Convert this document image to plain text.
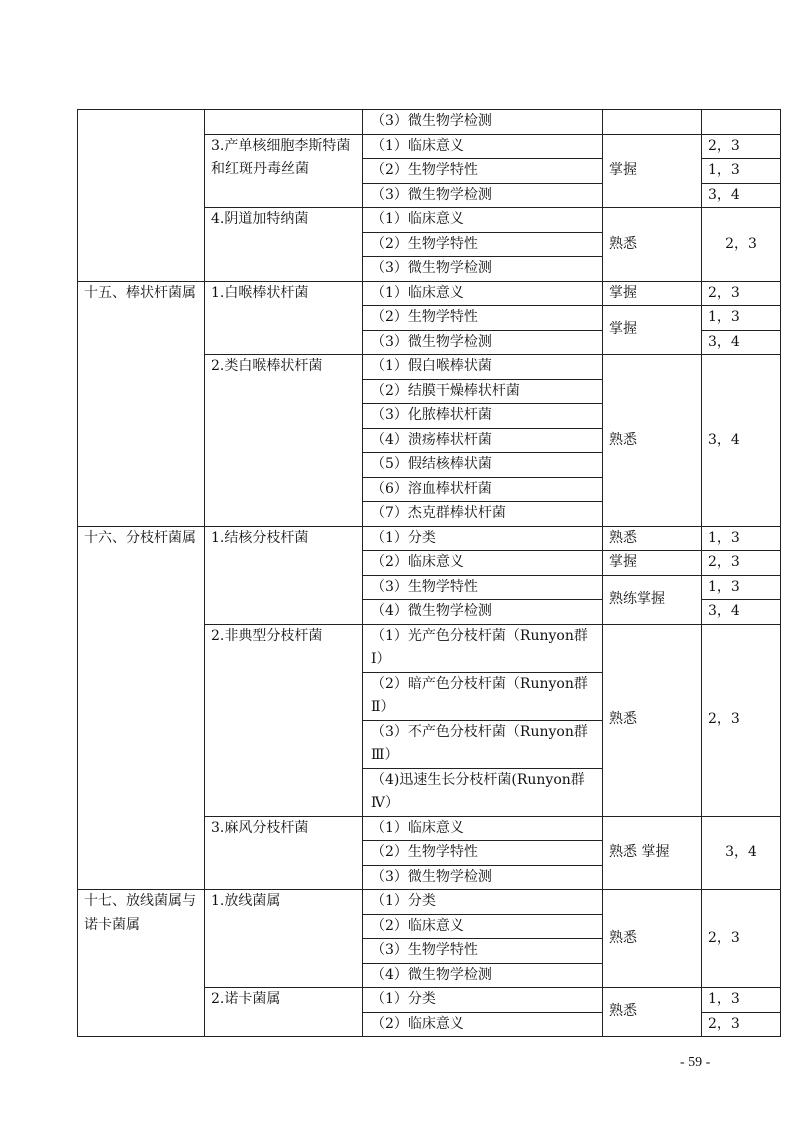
		（3）微生物学检测		
	3.产单核细胞李斯特菌和红斑丹毒丝菌	（1）临床意义	掌握	2，3
		（2）生物学特性		1，3
		（3）微生物学检测		3，4
	4.阴道加特纳菌	（1）临床意义	熟悉	2，3
		（2）生物学特性		
		（3）微生物学检测		
十五、棒状杆菌属	1.白喉棒状杆菌	（1）临床意义	掌握	2，3
		（2）生物学特性	掌握	1，3
		（3）微生物学检测		3，4
	2.类白喉棒状杆菌	（1）假白喉棒状菌	熟悉	3，4
		（2）结膜干燥棒状杆菌		
		（3）化脓棒状杆菌		
		（4）溃疡棒状杆菌		
		（5）假结核棒状菌		
		（6）溶血棒状杆菌		
		（7）杰克群棒状杆菌		
十六、分枝杆菌属	1.结核分枝杆菌	（1）分类	熟悉	1，3
		（2）临床意义	掌握	2，3
		（3）生物学特性	熟练掌握	1，3
		（4）微生物学检测		3，4
	2.非典型分枝杆菌	（1）光产色分枝杆菌（Runyon群Ⅰ）	熟悉	2，3
		（2）暗产色分枝杆菌（Runyon群Ⅱ）		
		（3）不产色分枝杆菌（Runyon群Ⅲ）		
		（4)迅速生长分枝杆菌(Runyon群Ⅳ）		
	3.麻风分枝杆菌	（1）临床意义	熟悉 掌握	3，4
		（2）生物学特性		
		（3）微生物学检测		
十七、放线菌属与诺卡菌属	1.放线菌属	（1）分类	熟悉	2，3
		（2）临床意义		
		（3）生物学特性		
		（4）微生物学检测		
	2.诺卡菌属	（1）分类	熟悉	1，3
		（2）临床意义		2，3
- 59 -
